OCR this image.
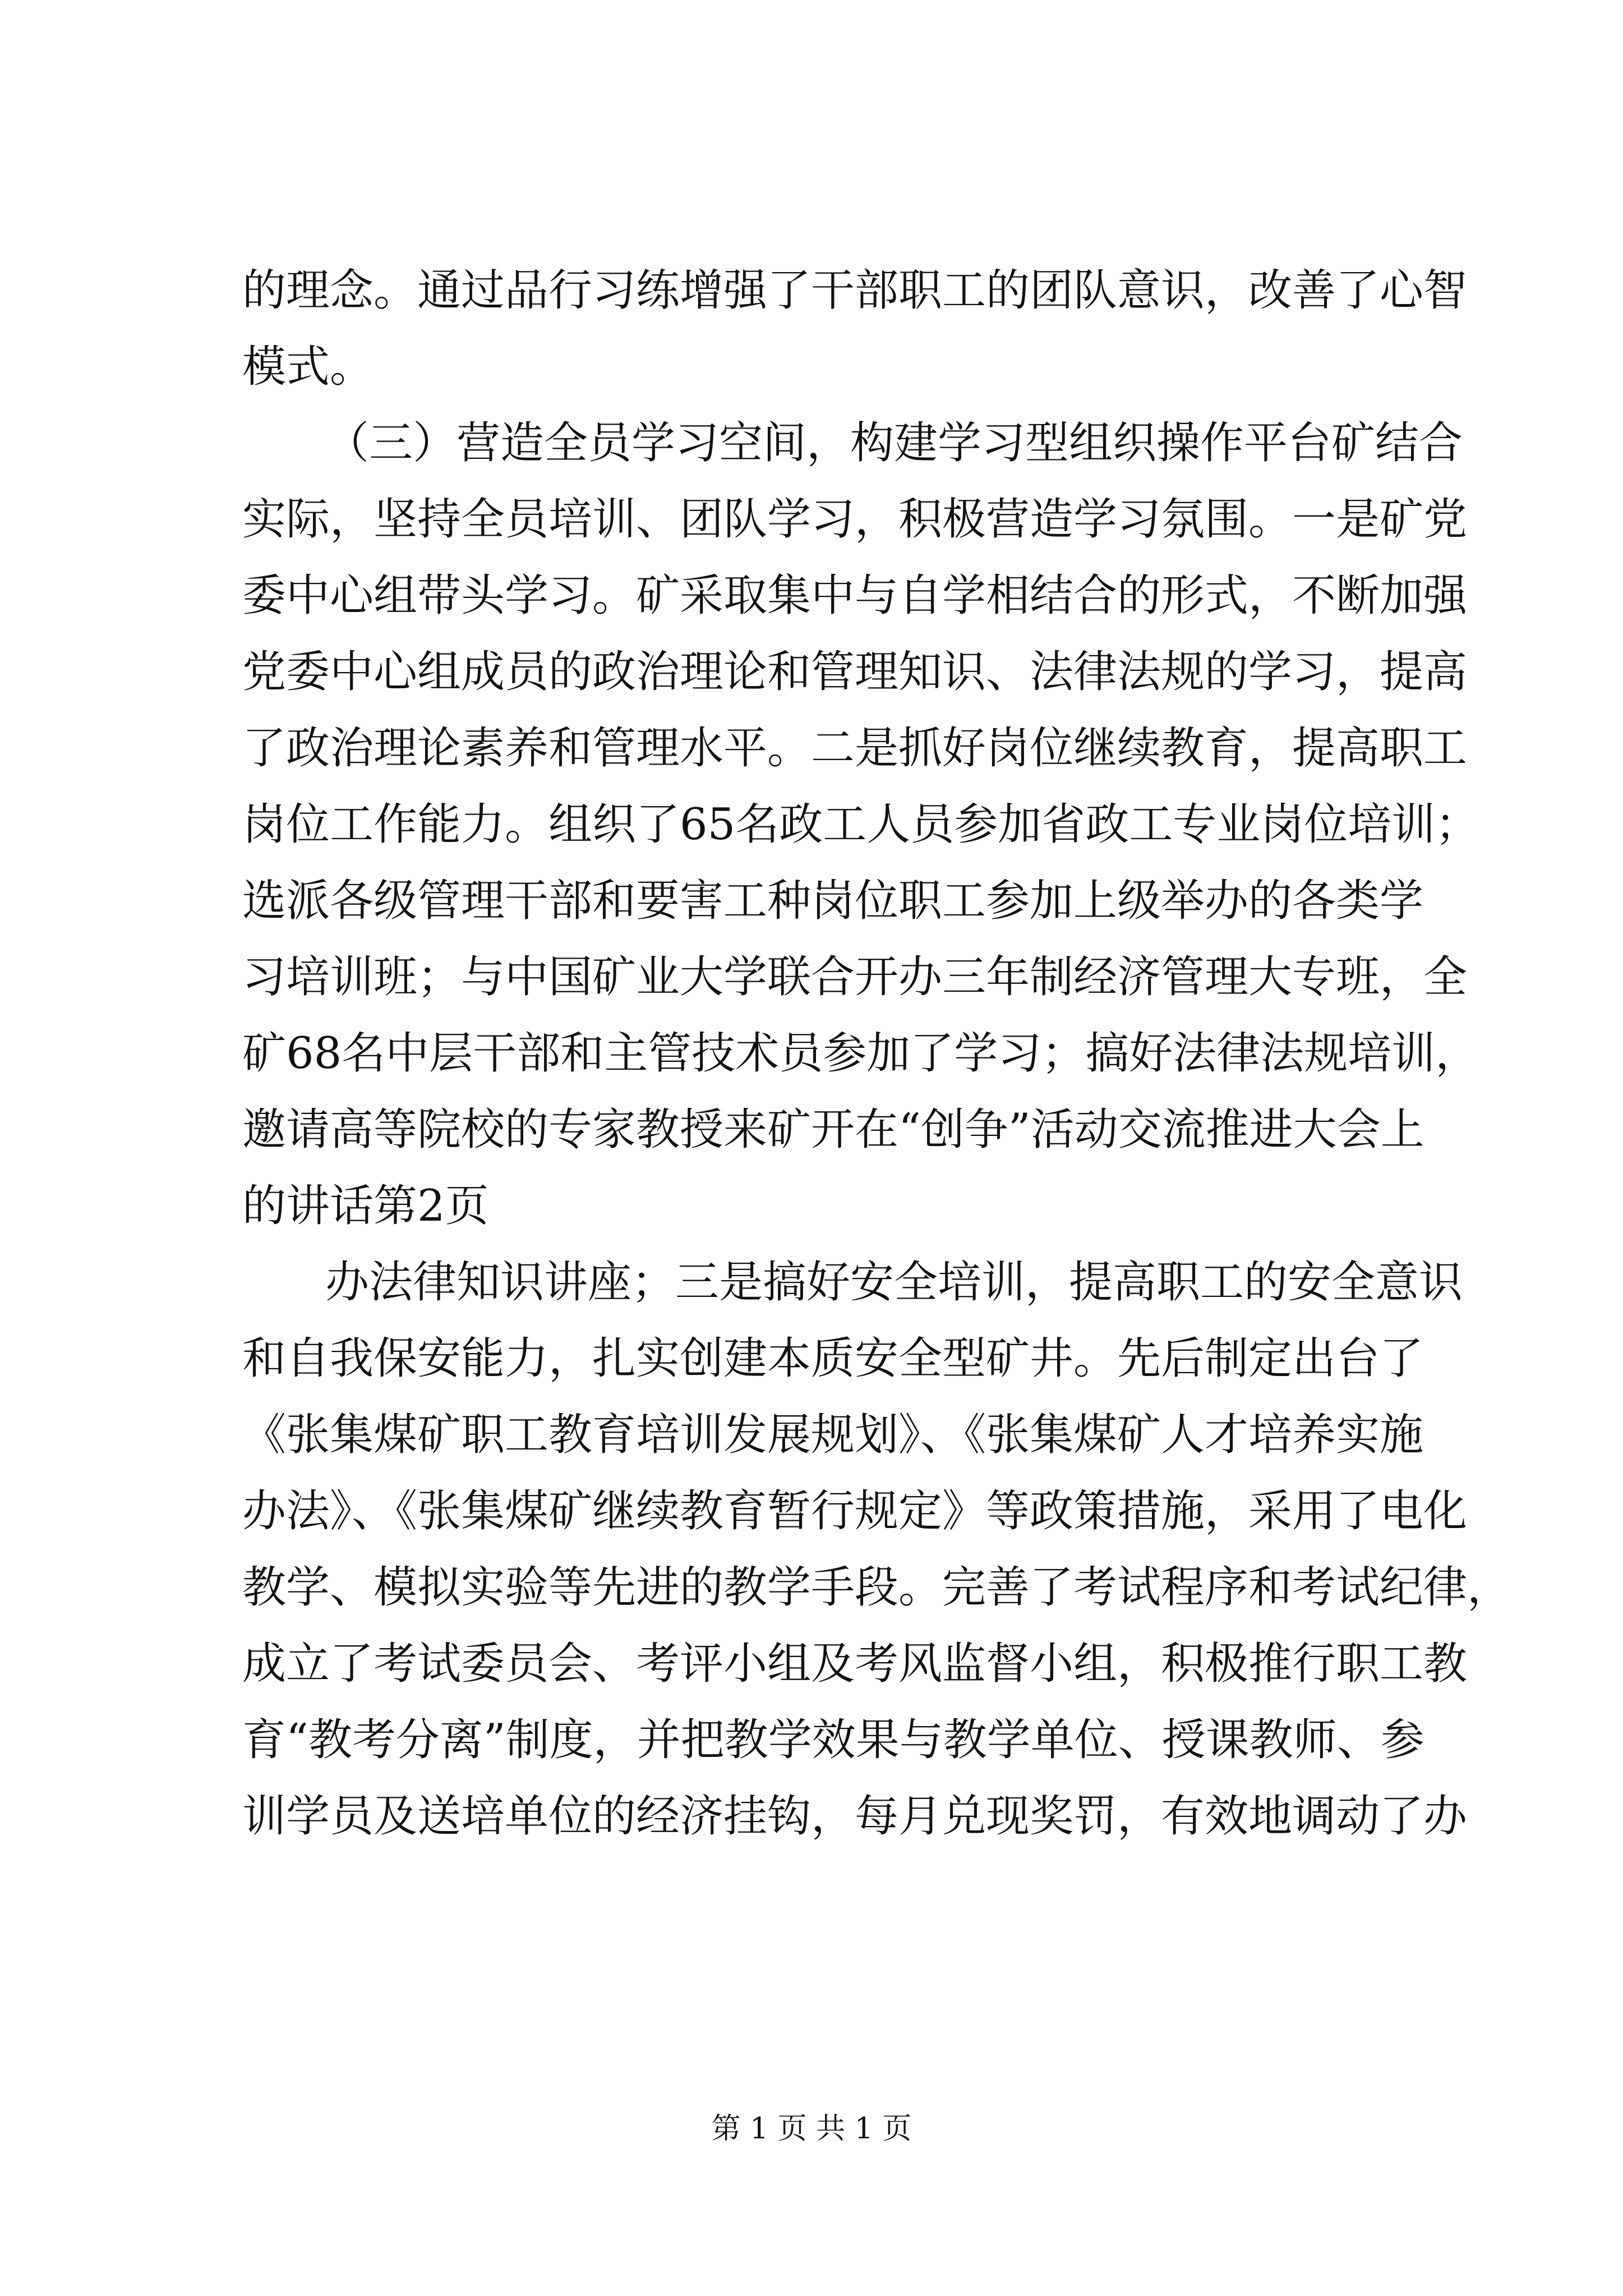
的理念。通过品行习练增强了干部职工的团队意识，改善了心智
模式。
（三）营造全员学习空间，构建学习型组织操作平台矿结合
实际，坚持全员培训、团队学习，积极营造学习氛围。一是矿党
委中心组带头学习。矿采取集中与自学相结合的形式，不断加强
党委中心组成员的政治理论和管理知识、法律法规的学习，提高
了政治理论素养和管理水平。二是抓好岗位继续教育，提高职工
岗位工作能力。组织了65名政工人员参加省政工专业岗位培训；
选派各级管理干部和要害工种岗位职工参加上级举办的各类学
习培训班；与中国矿业大学联合开办三年制经济管理大专班，全
矿68名中层干部和主管技术员参加了学习；搞好法律法规培训，
邀请高等院校的专家教授来矿开在“创争”活动交流推进大会上
的讲话第2页
办法律知识讲座；三是搞好安全培训，提高职工的安全意识
和自我保安能力，扎实创建本质安全型矿井。先后制定出台了
《张集煤矿职工教育培训发展规划》、《张集煤矿人才培养实施
办法》、《张集煤矿继续教育暂行规定》等政策措施，采用了电化
教学、模拟实验等先进的教学手段。完善了考试程序和考试纪律，
成立了考试委员会、考评小组及考风监督小组，积极推行职工教
育“教考分离”制度，并把教学效果与教学单位、授课教师、参
训学员及送培单位的经济挂钩，每月兑现奖罚，有效地调动了办
第 1 页 共 1 页
